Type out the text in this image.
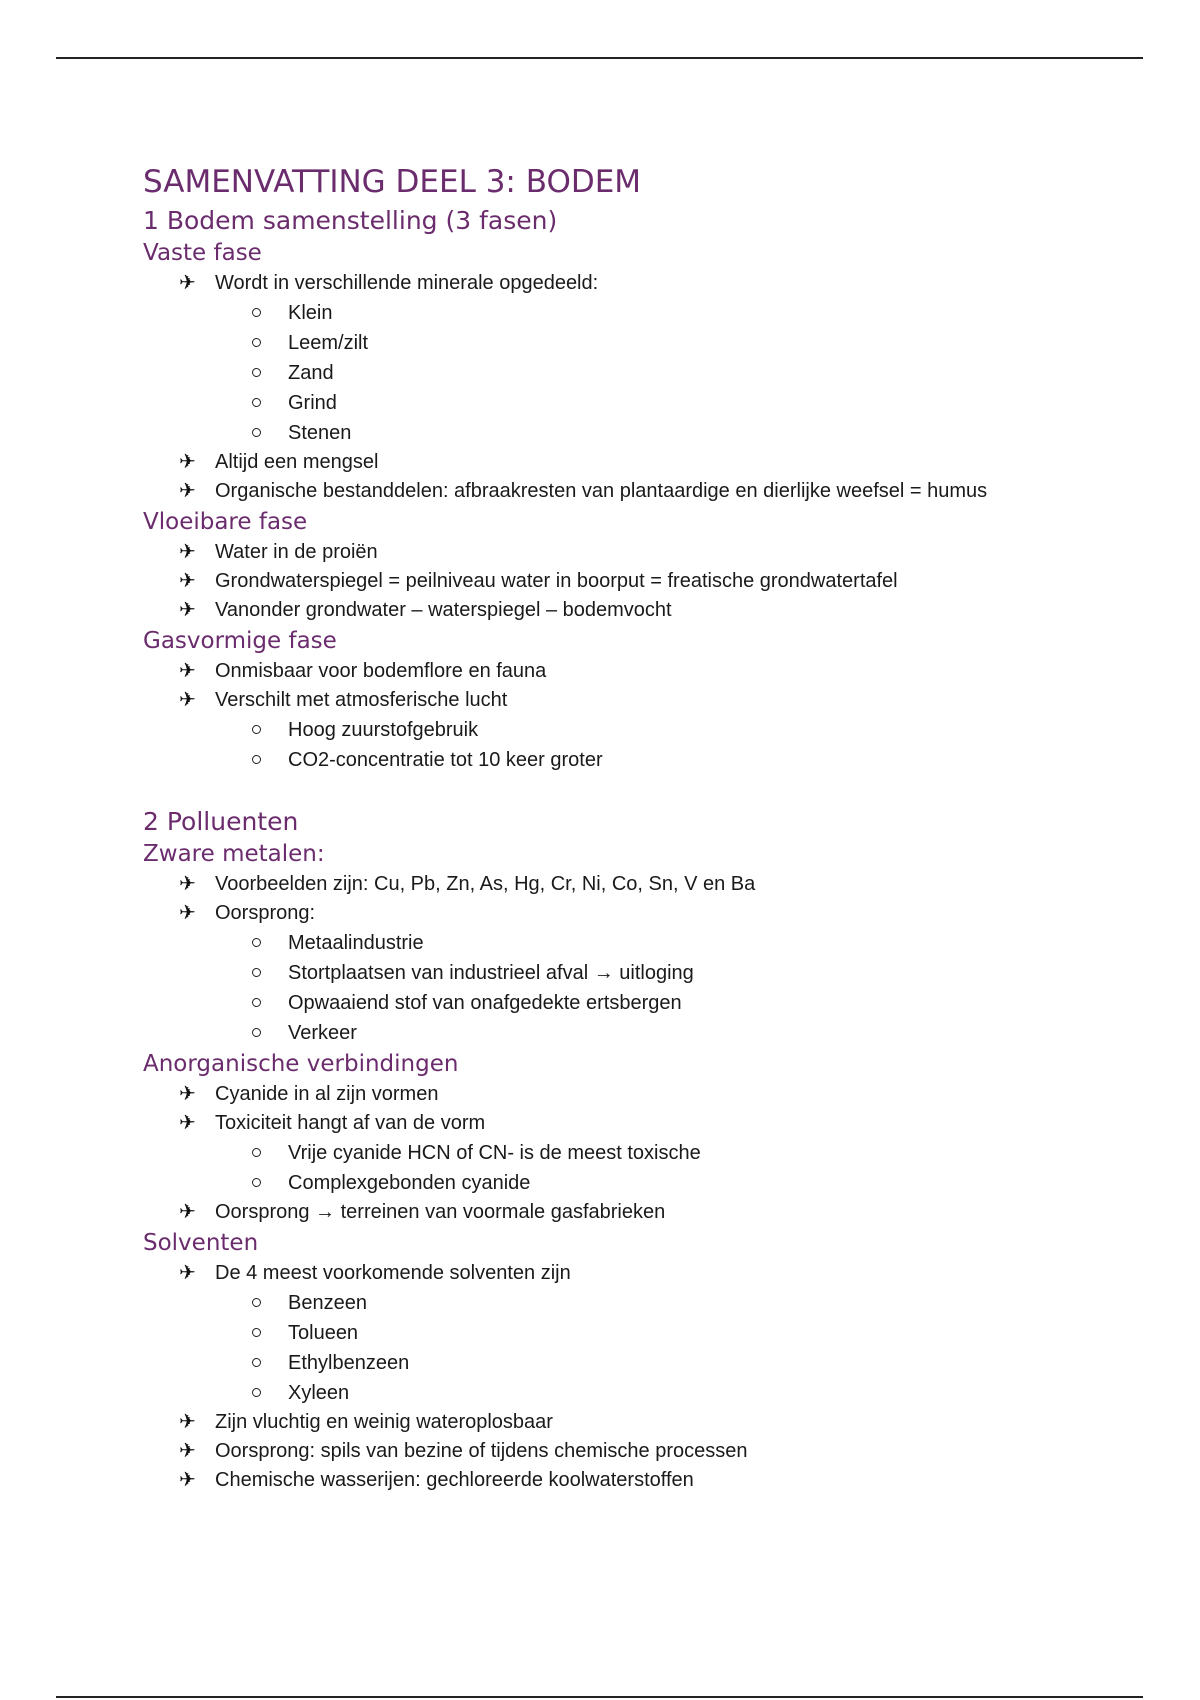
SAMENVATTING DEEL 3: BODEM
1 Bodem samenstelling (3 fasen)
Vaste fase
✈ Wordt in verschillende minerale opgedeeld:
Klein
Leem/zilt
Zand
Grind
Stenen
✈ Altijd een mengsel
✈ Organische bestanddelen: afbraakresten van plantaardige en dierlijke weefsel = humus
Vloeibare fase
✈ Water in de proiën
✈ Grondwaterspiegel = peilniveau water in boorput = freatische grondwatertafel
✈ Vanonder grondwater – waterspiegel – bodemvocht
Gasvormige fase
✈ Onmisbaar voor bodemflore en fauna
✈ Verschilt met atmosferische lucht
Hoog zuurstofgebruik
CO2-concentratie tot 10 keer groter
2 Polluenten
Zware metalen:
✈ Voorbeelden zijn: Cu, Pb, Zn, As, Hg, Cr, Ni, Co, Sn, V en Ba
✈ Oorsprong:
Metaalindustrie
Stortplaatsen van industrieel afval → uitloging
Opwaaiend stof van onafgedekte ertsbergen
Verkeer
Anorganische verbindingen
✈ Cyanide in al zijn vormen
✈ Toxiciteit hangt af van de vorm
Vrije cyanide HCN of CN- is de meest toxische
Complexgebonden cyanide
✈ Oorsprong → terreinen van voormale gasfabrieken
Solventen
✈ De 4 meest voorkomende solventen zijn
Benzeen
Tolueen
Ethylbenzeen
Xyleen
✈ Zijn vluchtig en weinig wateroplosbaar
✈ Oorsprong: spils van bezine of tijdens chemische processen
✈ Chemische wasserijen: gechloreerde koolwaterstoffen
